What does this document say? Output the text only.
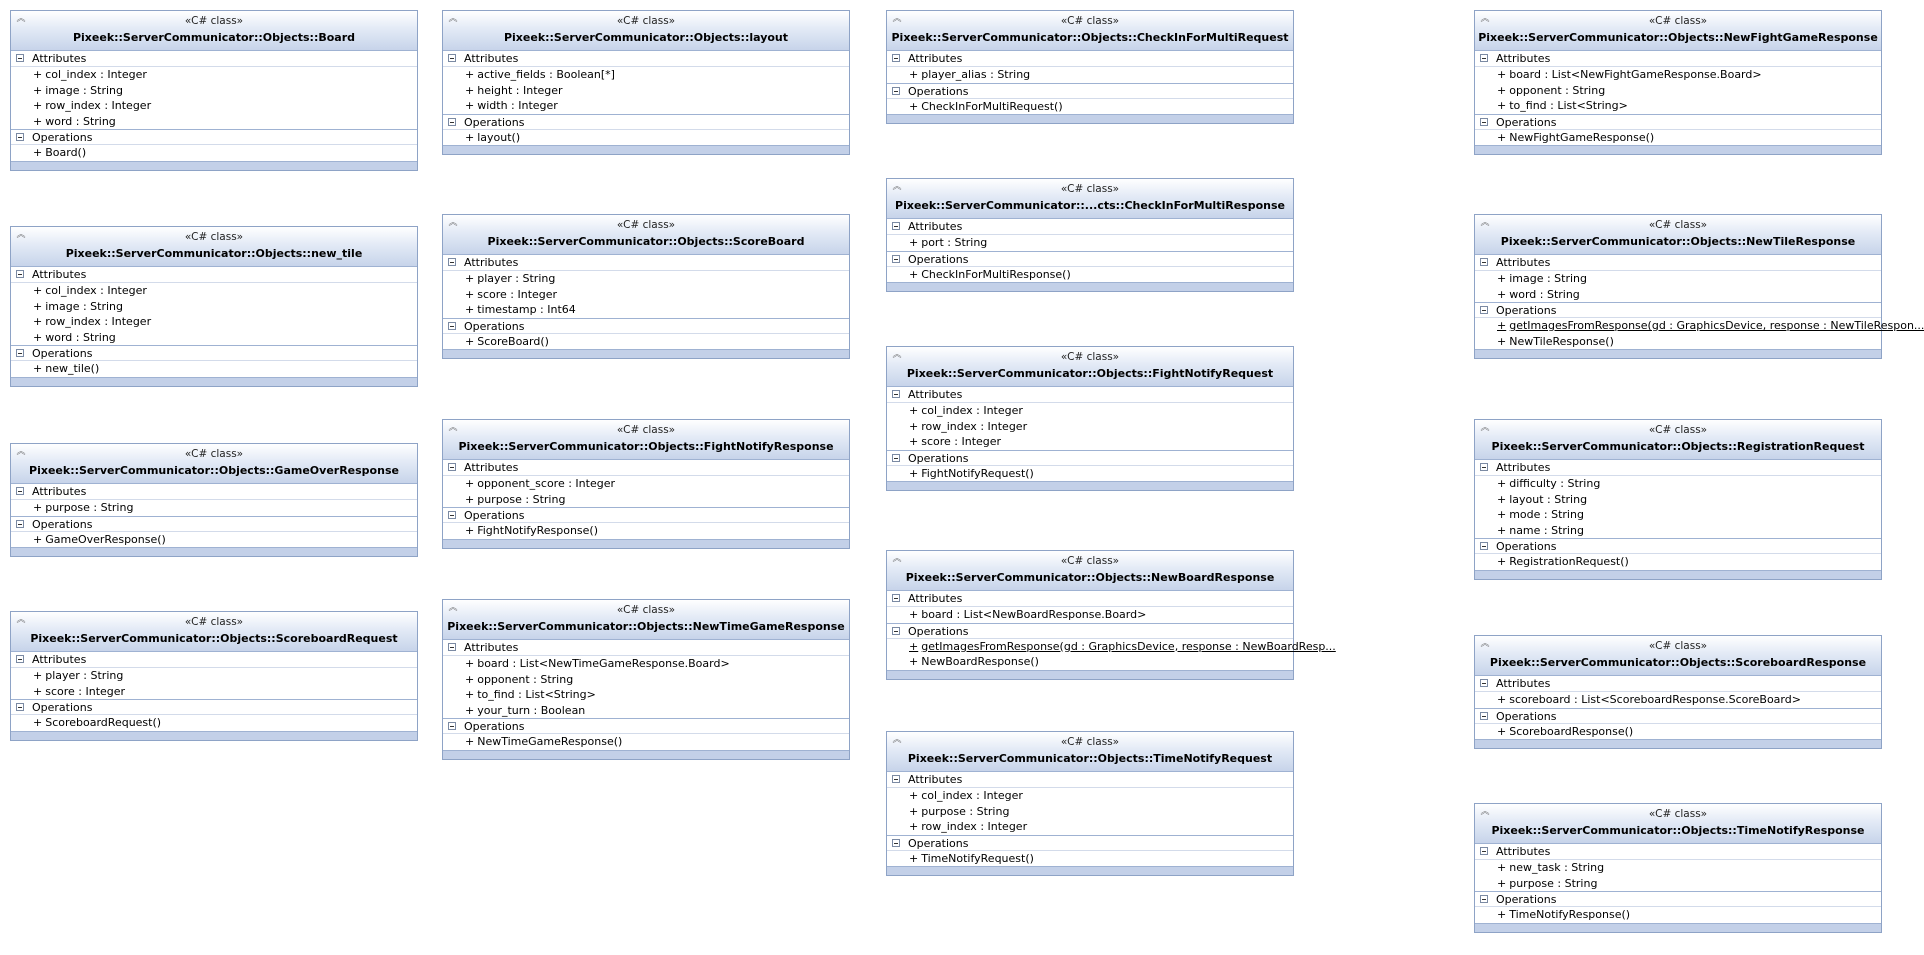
︽	«C# class»
Pixeek::ServerCommunicator::Objects::Board
Attributes
+ col_index : Integer
+ image : String
+ row_index : Integer
+ word : String
Operations
+ Board()
︽	«C# class»
Pixeek::ServerCommunicator::Objects::new_tile
Attributes
+ col_index : Integer
+ image : String
+ row_index : Integer
+ word : String
Operations
+ new_tile()
︽	«C# class»
Pixeek::ServerCommunicator::Objects::GameOverResponse
Attributes
+ purpose : String
Operations
+ GameOverResponse()
︽	«C# class»
Pixeek::ServerCommunicator::Objects::ScoreboardRequest
Attributes
+ player : String
+ score : Integer
Operations
+ ScoreboardRequest()
︽	«C# class»
Pixeek::ServerCommunicator::Objects::layout
Attributes
+ active_fields : Boolean[*]
+ height : Integer
+ width : Integer
Operations
+ layout()
︽	«C# class»
Pixeek::ServerCommunicator::Objects::ScoreBoard
Attributes
+ player : String
+ score : Integer
+ timestamp : Int64
Operations
+ ScoreBoard()
︽	«C# class»
Pixeek::ServerCommunicator::Objects::FightNotifyResponse
Attributes
+ opponent_score : Integer
+ purpose : String
Operations
+ FightNotifyResponse()
︽	«C# class»
Pixeek::ServerCommunicator::Objects::NewTimeGameResponse
Attributes
+ board : List<NewTimeGameResponse.Board>
+ opponent : String
+ to_find : List<String>
+ your_turn : Boolean
Operations
+ NewTimeGameResponse()
︽	«C# class»
Pixeek::ServerCommunicator::Objects::CheckInForMultiRequest
Attributes
+ player_alias : String
Operations
+ CheckInForMultiRequest()
︽	«C# class»
Pixeek::ServerCommunicator::...cts::CheckInForMultiResponse
Attributes
+ port : String
Operations
+ CheckInForMultiResponse()
︽	«C# class»
Pixeek::ServerCommunicator::Objects::FightNotifyRequest
Attributes
+ col_index : Integer
+ row_index : Integer
+ score : Integer
Operations
+ FightNotifyRequest()
︽	«C# class»
Pixeek::ServerCommunicator::Objects::NewBoardResponse
Attributes
+ board : List<NewBoardResponse.Board>
Operations
+ getImagesFromResponse(gd : GraphicsDevice, response : NewBoardResp...
+ NewBoardResponse()
︽	«C# class»
Pixeek::ServerCommunicator::Objects::TimeNotifyRequest
Attributes
+ col_index : Integer
+ purpose : String
+ row_index : Integer
Operations
+ TimeNotifyRequest()
︽	«C# class»
Pixeek::ServerCommunicator::Objects::NewFightGameResponse
Attributes
+ board : List<NewFightGameResponse.Board>
+ opponent : String
+ to_find : List<String>
Operations
+ NewFightGameResponse()
︽	«C# class»
Pixeek::ServerCommunicator::Objects::NewTileResponse
Attributes
+ image : String
+ word : String
Operations
+ getImagesFromResponse(gd : GraphicsDevice, response : NewTileRespon...
+ NewTileResponse()
︽	«C# class»
Pixeek::ServerCommunicator::Objects::RegistrationRequest
Attributes
+ difficulty : String
+ layout : String
+ mode : String
+ name : String
Operations
+ RegistrationRequest()
︽	«C# class»
Pixeek::ServerCommunicator::Objects::ScoreboardResponse
Attributes
+ scoreboard : List<ScoreboardResponse.ScoreBoard>
Operations
+ ScoreboardResponse()
︽	«C# class»
Pixeek::ServerCommunicator::Objects::TimeNotifyResponse
Attributes
+ new_task : String
+ purpose : String
Operations
+ TimeNotifyResponse()
